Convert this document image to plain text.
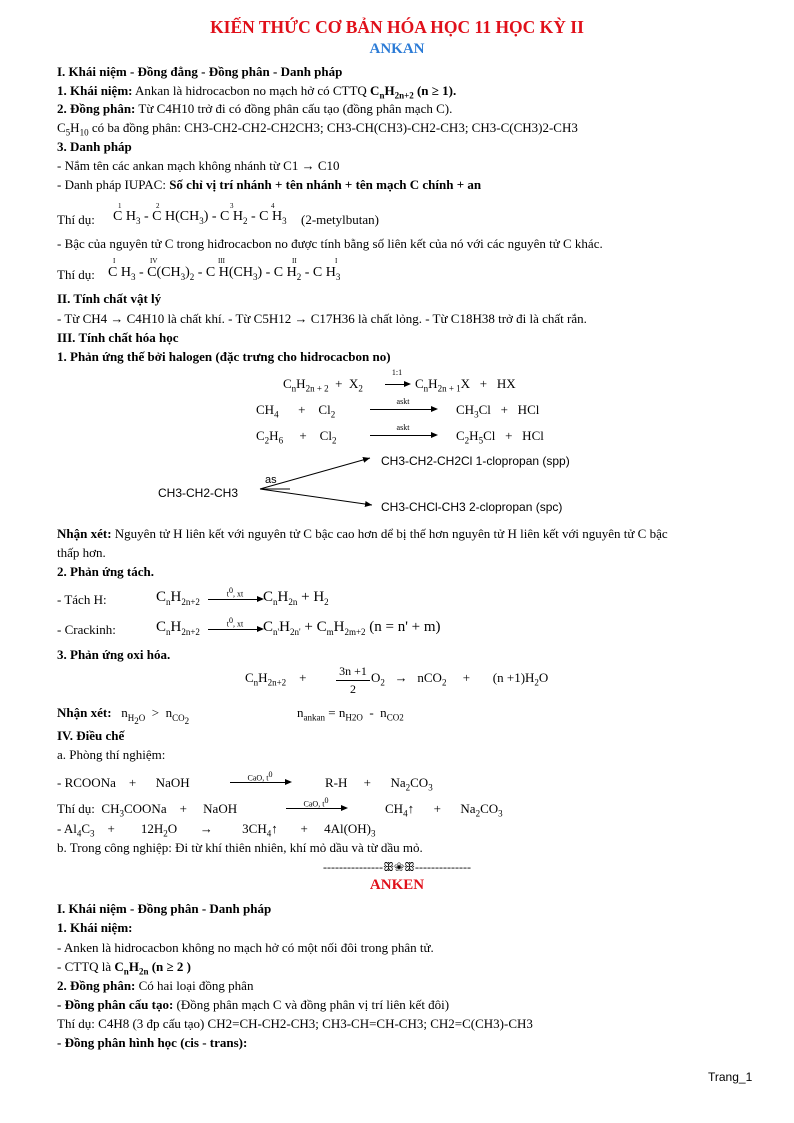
KIẾN THỨC CƠ BẢN HÓA HỌC 11 HỌC KỲ II
ANKAN
I. Khái niệm - Đồng đẳng - Đồng phân - Danh pháp
1. Khái niệm: Ankan là hidrocacbon no mạch hở có CTTQ $C_nH_{2n+2}$ (n ≥ 1).
2. Đồng phân: Từ C4H10 trở đi có đồng phân cấu tạo (đồng phân mạch C).
$C_5H_{10}$ có ba đồng phân: CH3-CH2-CH2-CH2CH3; CH3-CH(CH3)-CH2-CH3; CH3-C(CH3)2-CH3
3. Danh pháp
- Nắm tên các ankan mạch không nhánh từ C1 → C10
- Danh pháp IUPAC: Số chỉ vị trí nhánh + tên nhánh + tên mạch C chính + an
Thí dụ: C $H_3$ - C $H(CH_3)$ - C $H_2$ - C $H_3$
1	2	3	4
(2-metylbutan)
- Bậc của nguyên tử C trong hiđrocacbon no được tính bằng số liên kết của nó với các nguyên tử C khác.
Thí dụ: C $H_3 - C(CH_3)_2$ - C $H(CH_3)$ - C $H_2$ - C $H_3$
I	IV	III	II	I
II. Tính chất vật lý
- Từ CH4 → C4H10 là chất khí. - Từ C5H12 → C17H36 là chất lỏng. - Từ C18H38 trở đi là chất rắn.
III. Tính chất hóa học
1. Phản ứng thế bởi halogen (đặc trưng cho hidrocacbon no)
$C_nH_{2n + 2} + X_2$
1:1
$C_nH_{2n + 1}X$   +   HX
$CH_4$      +    $Cl_2$
askt
$CH_3Cl$   +   HCl
$C_2H_6$     +    $Cl_2$
askt
$C_2H_5Cl$   +   HCl
CH3-CH2-CH2Cl 1-clopropan (spp)
CH3-CH2-CH3
as
CH3-CHCl-CH3 2-clopropan (spc)
Nhận xét: Nguyên tử H liên kết với nguyên tử C bậc cao hơn dể bị thế hơn nguyên tử H liên kết với nguyên tử C bậc
thấp hơn.
2. Phản ứng tách.
- Tách H:	$C_nH_{2n+2}$
$t^0$, xt	$C_nH_{2n} + H_2$
- Crackinh:	$C_nH_{2n+2}$
$t^0$, xt	$C_{n'}H_{2n'} + C_mH_{2m+2}$ (n = n' + m)
3. Phản ứng oxi hóa.
$C_nH_{2n+2}$    +	3n +1
2
$O_2 \to nCO_2$     +       $(n +1)H_2O$
Nhận xét:   $n_{H_2O} > n_{CO_2}$
$n_{ankan} = n_{H2O} - n_{CO2}$
IV. Điều chế
a. Phòng thí nghiệm:
- RCOONa    +      NaOH	CaO, $t^0$
R-H     +      $Na_2CO_3$
Thí dụ:  $CH_3COONa$    +     NaOH	CaO, $t^0$
$CH_4↑$      +      $Na_2CO_3$
- $Al_4C_3$    +        $12H_2O$       →         $3CH_4↑$       +     $4Al(OH)_3$
b. Trong công nghiệp: Đi từ khí thiên nhiên, khí mỏ dầu và từ dầu mỏ.
---------------ꕥ❀ꕥ--------------
ANKEN
I. Khái niệm - Đồng phân - Danh pháp
1. Khái niệm:
- Anken là hidrocacbon không no mạch hở có một nối đôi trong phân tử.
- CTTQ là $C_nH_{2n}$ (n ≥ 2 )
2. Đồng phân: Có hai loại đồng phân
- Đồng phân cấu tạo: (Đồng phân mạch C và đồng phân vị trí liên kết đôi)
Thí dụ: C4H8 (3 đp cấu tạo) CH2=CH-CH2-CH3; CH3-CH=CH-CH3; CH2=C(CH3)-CH3
- Đồng phân hình học (cis - trans):
Trang_1
